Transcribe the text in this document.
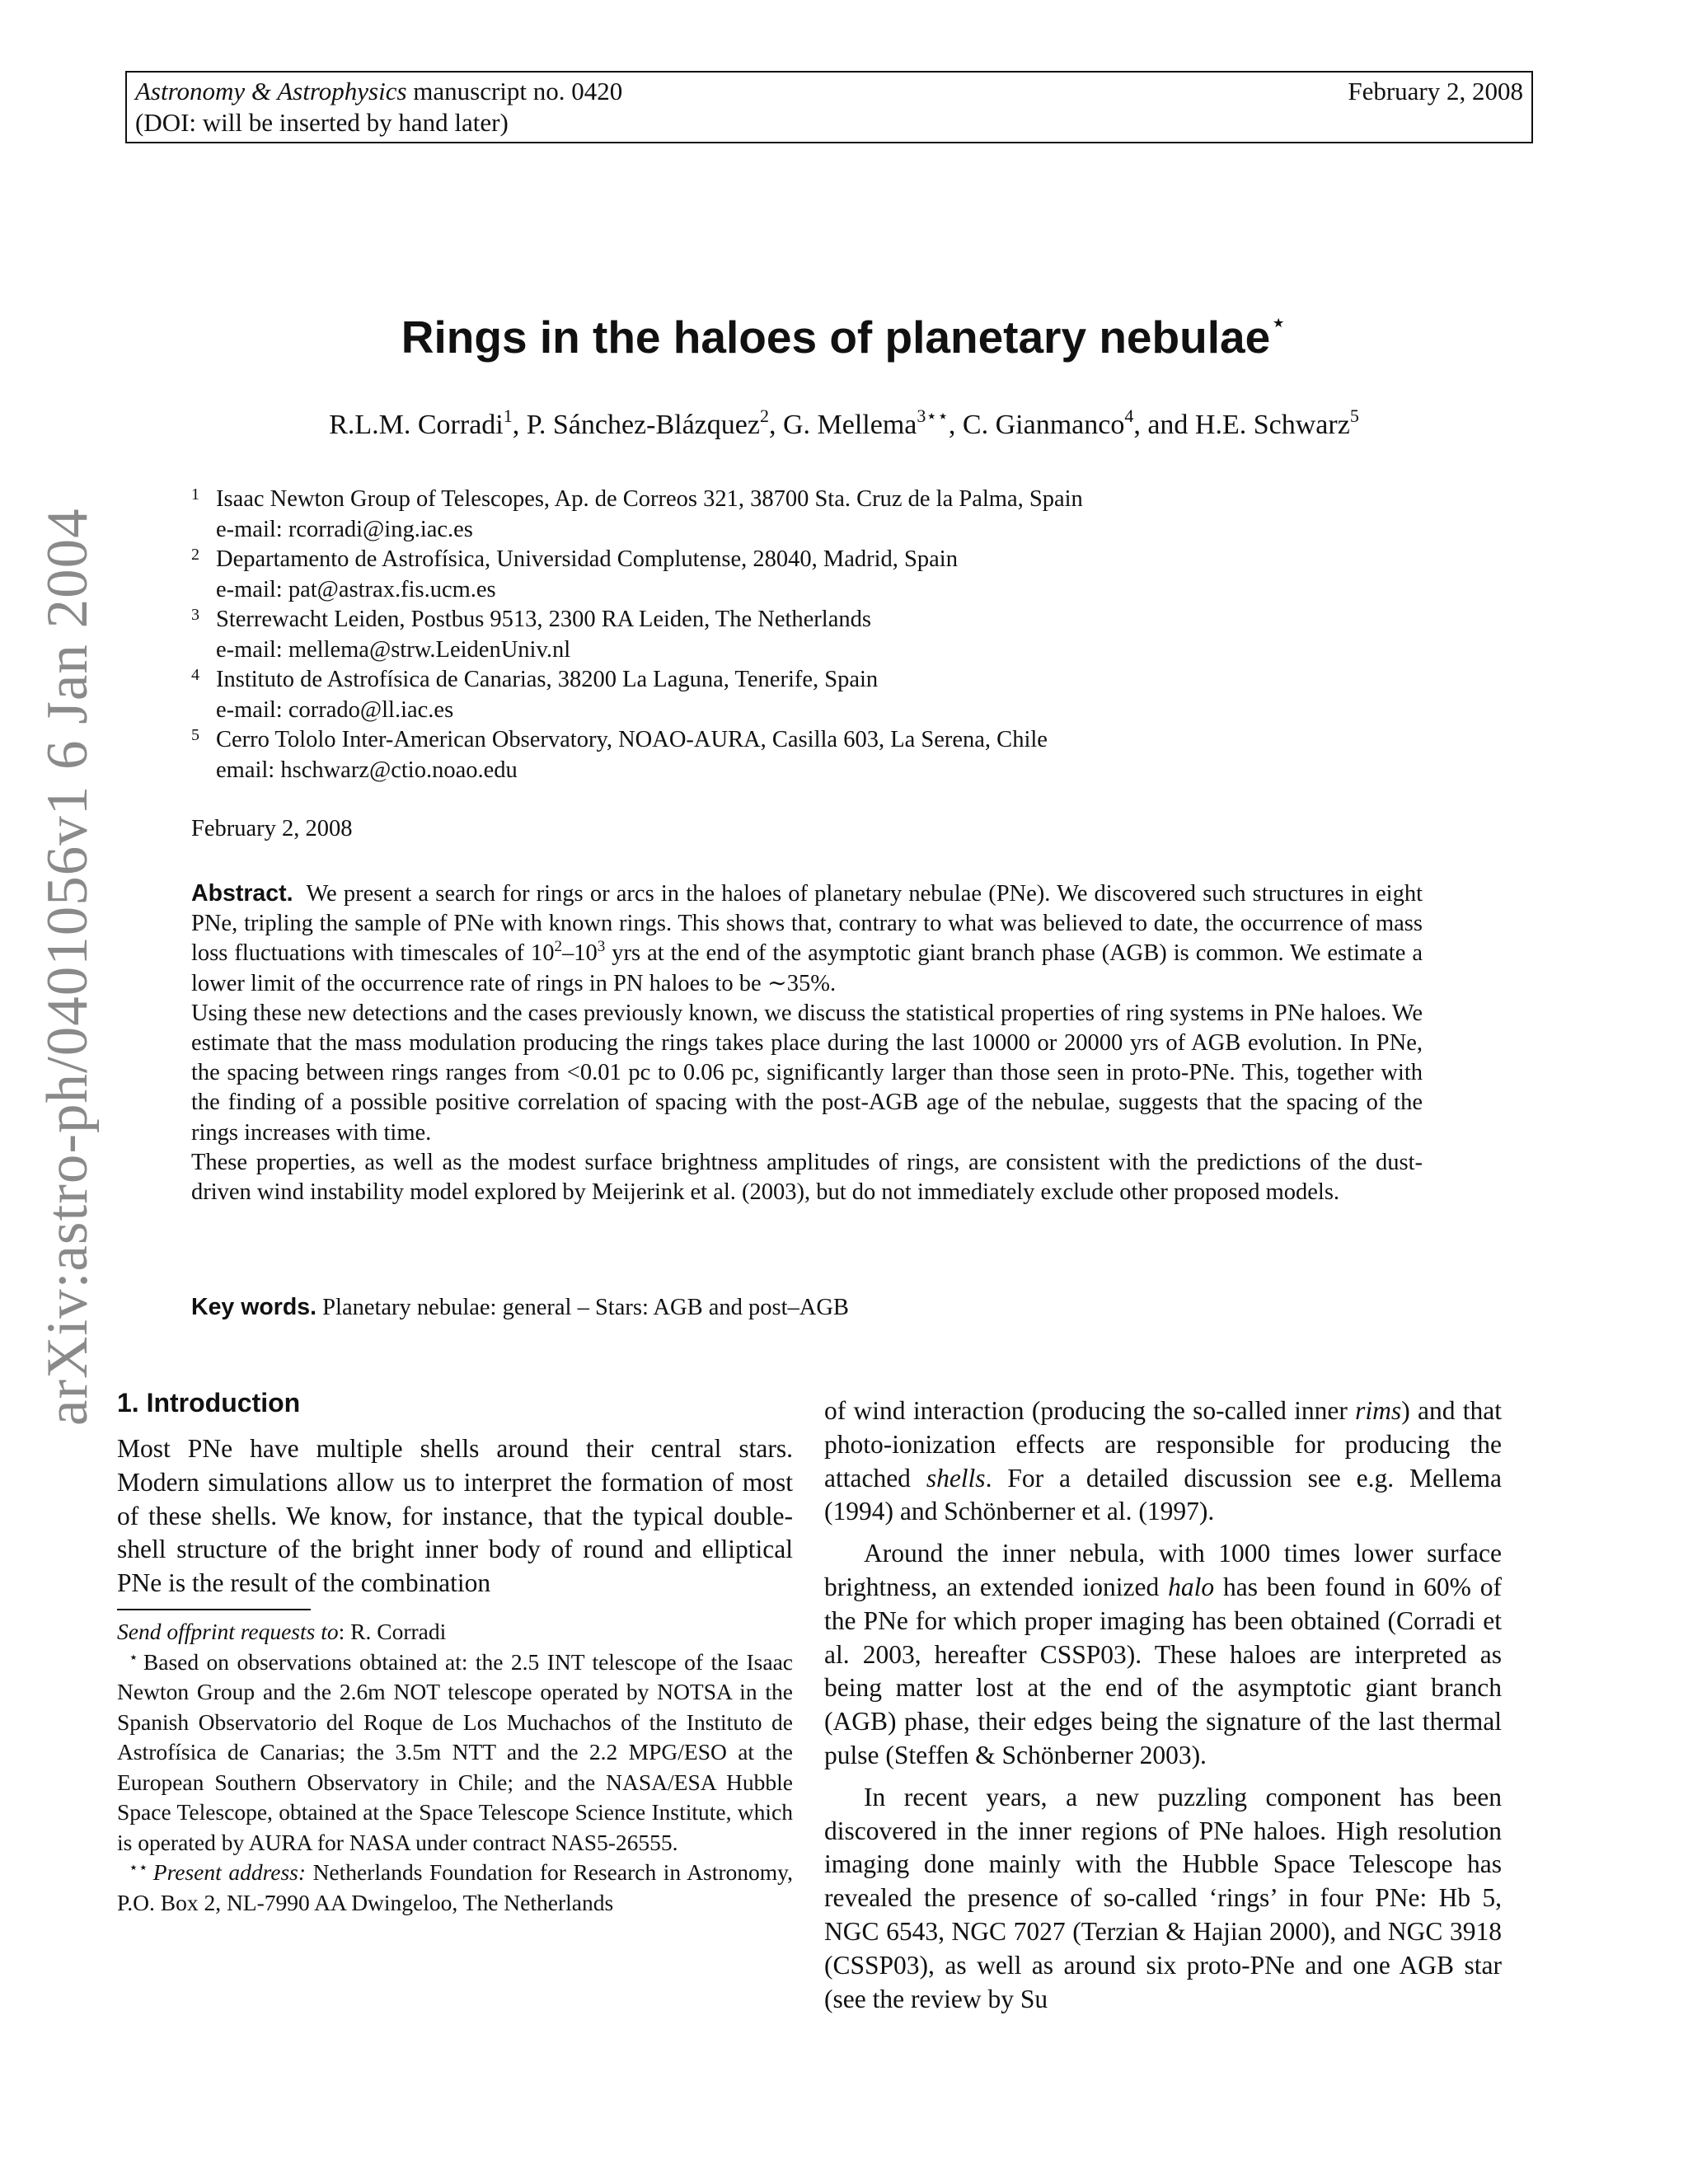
Astronomy & Astrophysics manuscript no. 0420	February 2, 2008
(DOI: will be inserted by hand later)
arXiv:astro-ph/0401056v1 6 Jan 2004
Rings in the haloes of planetary nebulae⋆
R.L.M. Corradi$^1$, P. Sánchez-Blázquez$^2$, G. Mellema$^{3⋆⋆}$, C. Gianmanco$^4$, and H.E. Schwarz$^5$
1 Isaac Newton Group of Telescopes, Ap. de Correos 321, 38700 Sta. Cruz de la Palma, Spain
e-mail: rcorradi@ing.iac.es
2 Departamento de Astrofísica, Universidad Complutense, 28040, Madrid, Spain
e-mail: pat@astrax.fis.ucm.es
3 Sterrewacht Leiden, Postbus 9513, 2300 RA Leiden, The Netherlands
e-mail: mellema@strw.LeidenUniv.nl
4 Instituto de Astrofísica de Canarias, 38200 La Laguna, Tenerife, Spain
e-mail: corrado@ll.iac.es
5 Cerro Tololo Inter-American Observatory, NOAO-AURA, Casilla 603, La Serena, Chile
email: hschwarz@ctio.noao.edu
February 2, 2008

Abstract. We present a search for rings or arcs in the haloes of planetary nebulae (PNe). We discovered such structures in eight PNe, tripling the sample of PNe with known rings. This shows that, contrary to what was believed to date, the occurrence of mass loss fluctuations with timescales of $10^2-10^3$ yrs at the end of the asymptotic giant branch phase (AGB) is common. We estimate a lower limit of the occurrence rate of rings in PN haloes to be ∼35%.

Using these new detections and the cases previously known, we discuss the statistical properties of ring systems in PNe haloes. We estimate that the mass modulation producing the rings takes place during the last 10000 or 20000 yrs of AGB evolution. In PNe, the spacing between rings ranges from <0.01 pc to 0.06 pc, significantly larger than those seen in proto-PNe. This, together with the finding of a possible positive correlation of spacing with the post-AGB age of the nebulae, suggests that the spacing of the rings increases with time.

These properties, as well as the modest surface brightness amplitudes of rings, are consistent with the predictions of the dust-driven wind instability model explored by Meijerink et al. (2003), but do not immediately exclude other proposed models.

Key words. Planetary nebulae: general – Stars: AGB and post–AGB
1. Introduction

Most PNe have multiple shells around their central stars. Modern simulations allow us to interpret the formation of most of these shells. We know, for instance, that the typical double-shell structure of the bright inner body of round and elliptical PNe is the result of the combination

Send offprint requests to: R. Corradi

⋆ Based on observations obtained at: the 2.5 INT telescope of the Isaac Newton Group and the 2.6m NOT telescope operated by NOTSA in the Spanish Observatorio del Roque de Los Muchachos of the Instituto de Astrofísica de Canarias; the 3.5m NTT and the 2.2 MPG/ESO at the European Southern Observatory in Chile; and the NASA/ESA Hubble Space Telescope, obtained at the Space Telescope Science Institute, which is operated by AURA for NASA under contract NAS5-26555.

⋆⋆ Present address: Netherlands Foundation for Research in Astronomy, P.O. Box 2, NL-7990 AA Dwingeloo, The Netherlands

of wind interaction (producing the so-called inner rims) and that photo-ionization effects are responsible for producing the attached shells. For a detailed discussion see e.g. Mellema (1994) and Schönberner et al. (1997).

Around the inner nebula, with 1000 times lower surface brightness, an extended ionized halo has been found in 60% of the PNe for which proper imaging has been obtained (Corradi et al. 2003, hereafter CSSP03). These haloes are interpreted as being matter lost at the end of the asymptotic giant branch (AGB) phase, their edges being the signature of the last thermal pulse (Steffen & Schönberner 2003).

In recent years, a new puzzling component has been discovered in the inner regions of PNe haloes. High resolution imaging done mainly with the Hubble Space Telescope has revealed the presence of so-called ‘rings’ in four PNe: Hb 5, NGC 6543, NGC 7027 (Terzian & Hajian 2000), and NGC 3918 (CSSP03), as well as around six proto-PNe and one AGB star (see the review by Su
